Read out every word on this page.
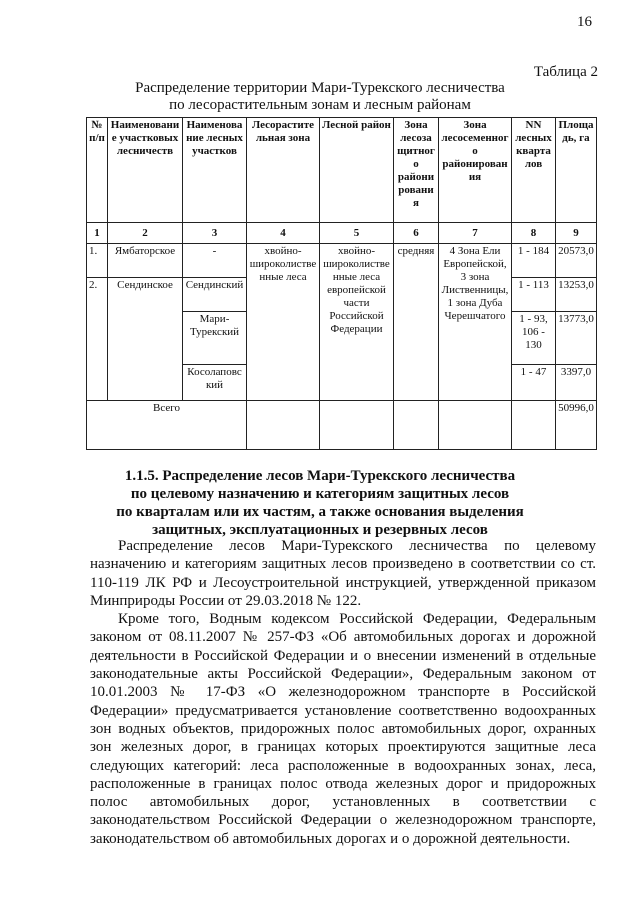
16
Таблица 2
Распределение территории Мари-Турекского лесничества
по лесорастительным зонам и лесным районам
№ п/п	Наименование участковых лесничеств	Наименование лесных участков	Лесорастительная зона	Лесной район	Зона лесозащитного районирования	Зона лесосеменного районирования	NN лесных кварталов	Площадь, га
1	2	3	4	5	6	7	8	9
1.	Ямбаторское	-	хвойно-широколиственные леса	хвойно-широколиственные леса европейской части Российской Федерации	средняя	4 Зона Ели Европейской, 3 зона Лиственницы, 1 зона Дуба Черешчатого	1 - 184	20573,0
2.	Сендинское	Сендинский					1 - 113	13253,0
		Мари-Турекский					1 - 93, 106 - 130	13773,0
		Косолаповский					1 - 47	3397,0
Всего								50996,0
1.1.5. Распределение лесов Мари-Турекского лесничества
по целевому назначению и категориям защитных лесов
по кварталам или их частям, а также основания выделения
защитных, эксплуатационных и резервных лесов

Распределение лесов Мари-Турекского лесничества по целевому назначению и категориям защитных лесов произведено в соответствии со ст. 110-119 ЛК РФ и Лесоустроительной инструкцией, утвержденной приказом Минприроды России от 29.03.2018 № 122.

Кроме того, Водным кодексом Российской Федерации, Федеральным законом от 08.11.2007 № 257-ФЗ «Об автомобильных дорогах и дорожной деятельности в Российской Федерации и о внесении изменений в отдельные законодательные акты Российской Федерации», Федеральным законом от 10.01.2003 № 17-ФЗ «О железнодорожном транспорте в Российской Федерации» предусматривается установление соответственно водоохранных зон водных объектов, придорожных полос автомобильных дорог, охранных зон железных дорог, в границах которых проектируются защитные леса следующих категорий: леса расположенные в водоохранных зонах, леса, расположенные в границах полос отвода железных дорог и придорожных полос автомобильных дорог, установленных в соответствии с законодательством Российской Федерации о железнодорожном транспорте, законодательством об автомобильных дорогах и о дорожной деятельности.
